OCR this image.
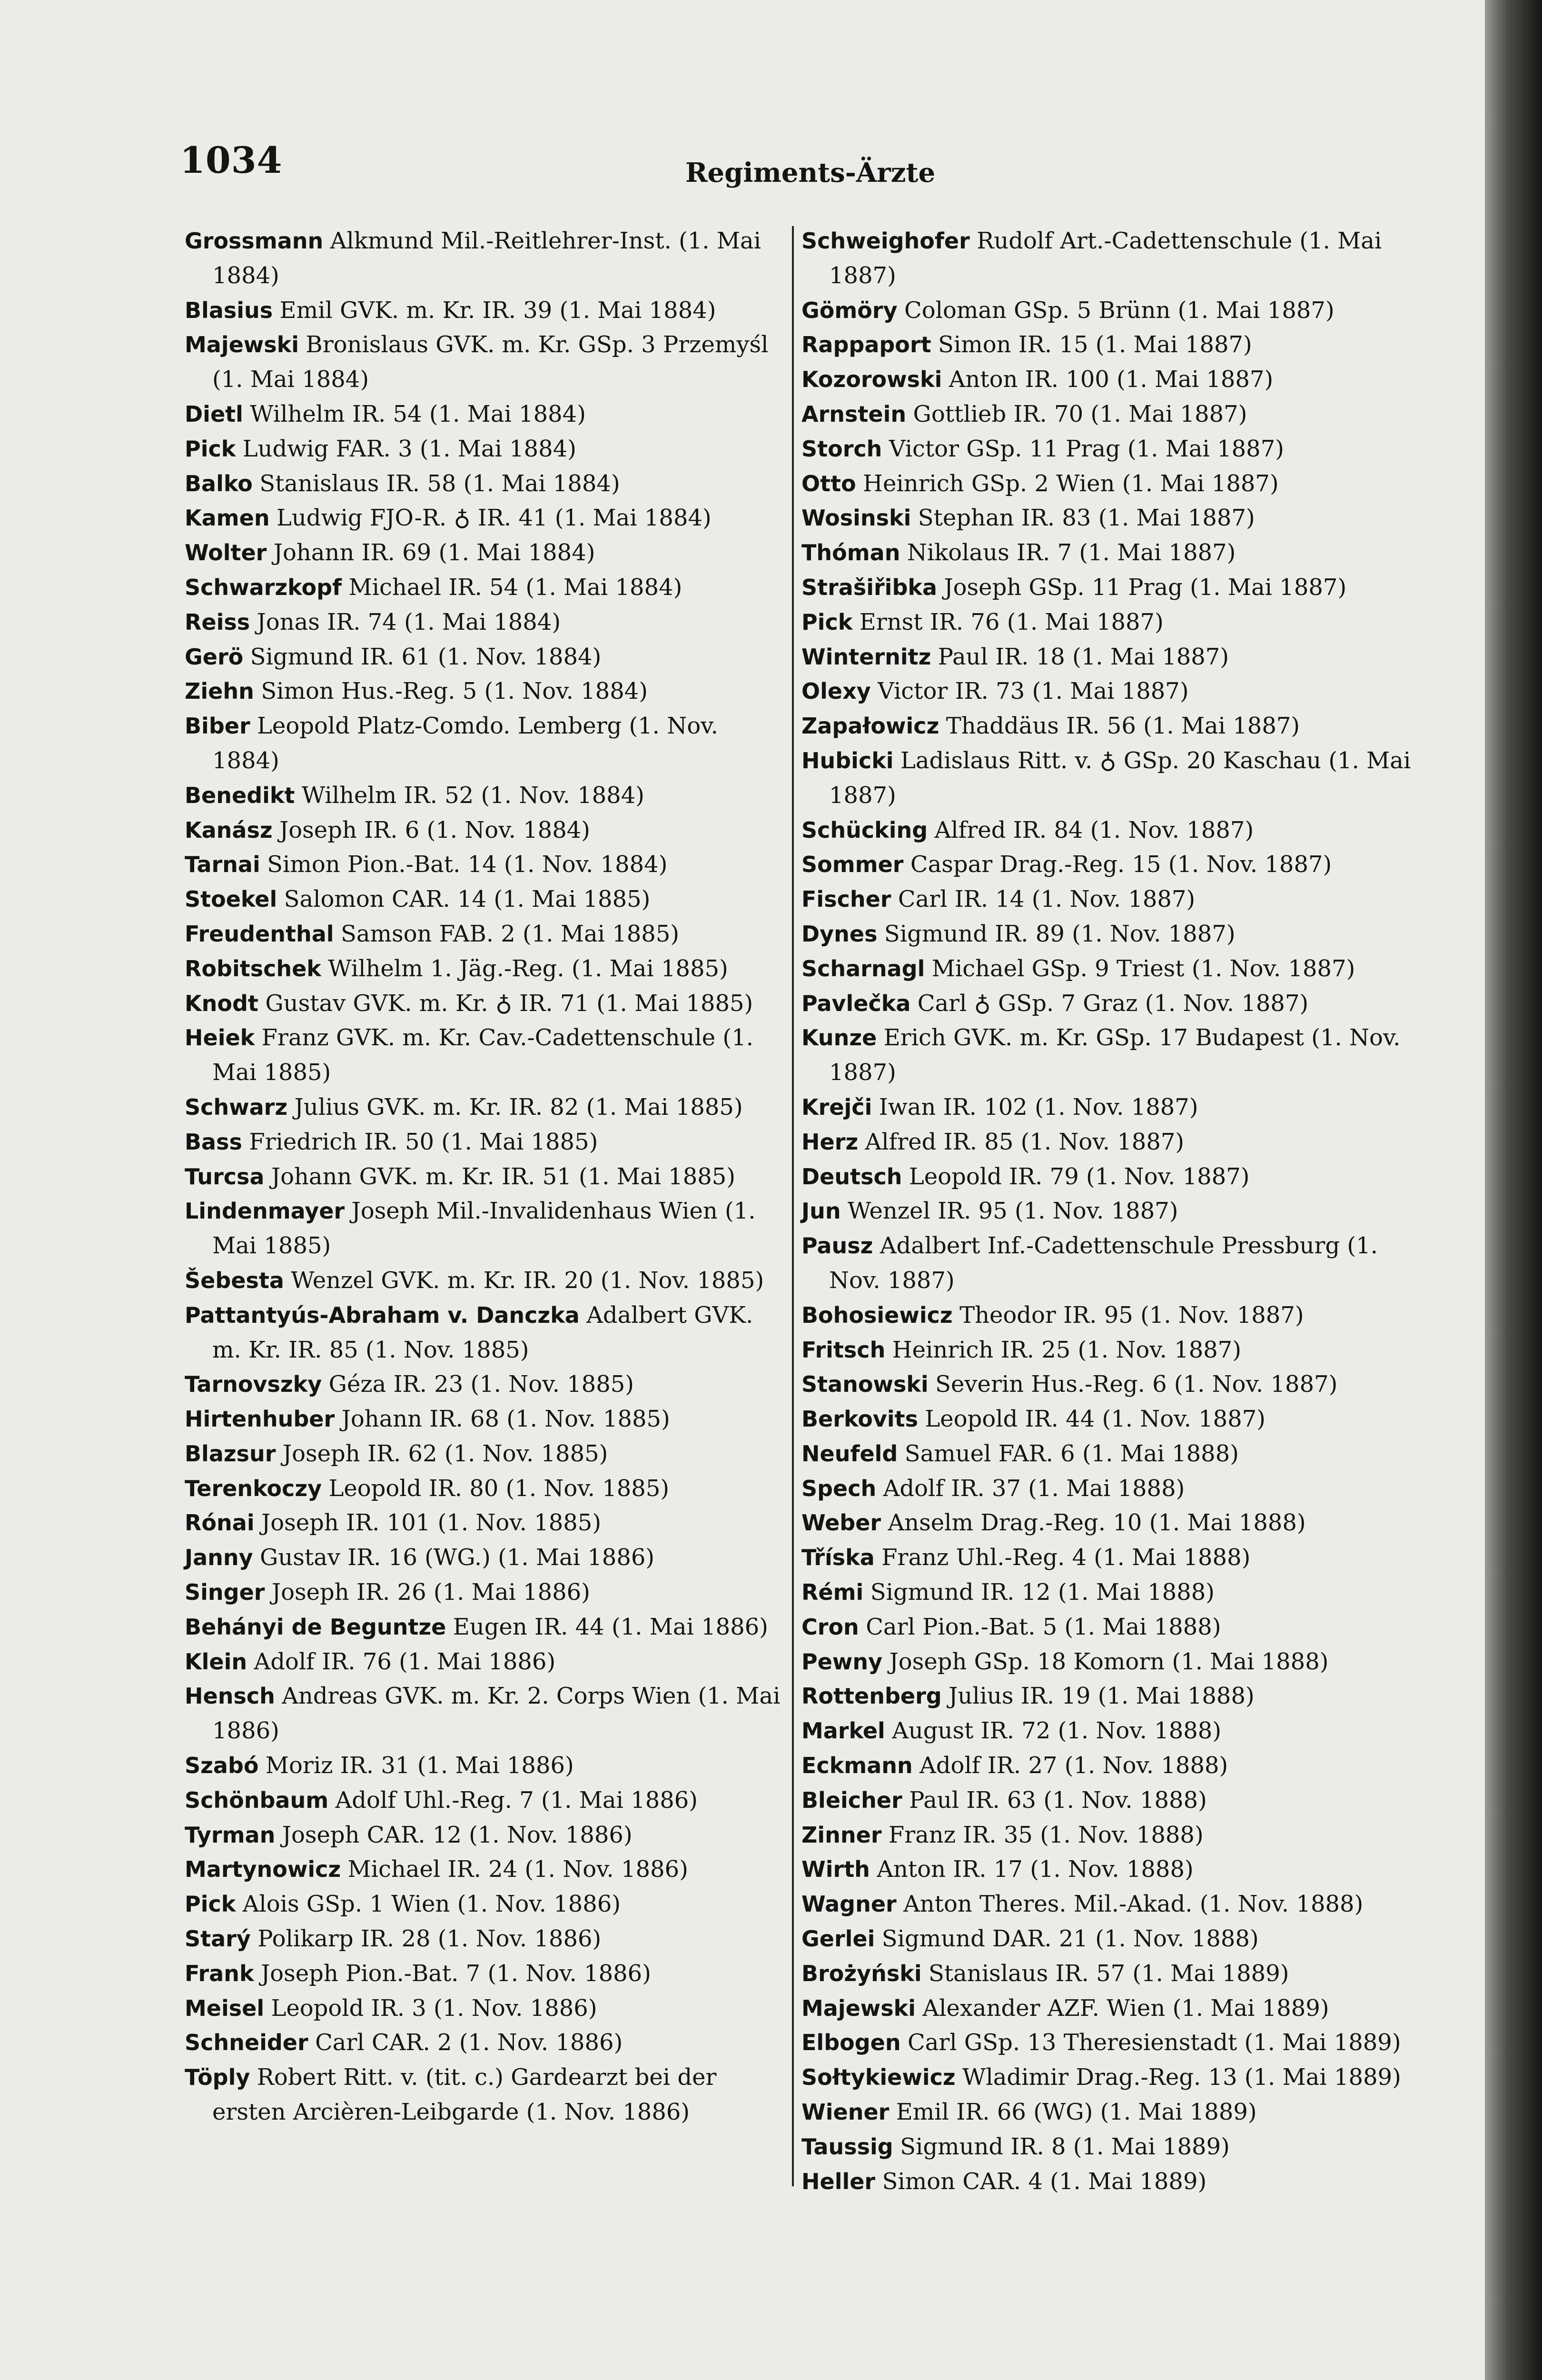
1034	Regiments-Ärzte

Grossmann Alkmund Mil.-Reitlehrer-Inst. (1. Mai 1884)

Blasius Emil GVK. m. Kr. IR. 39 (1. Mai 1884)

Majewski Bronislaus GVK. m. Kr. GSp. 3 Przemyśl (1. Mai 1884)

Dietl Wilhelm IR. 54 (1. Mai 1884)

Pick Ludwig FAR. 3 (1. Mai 1884)

Balko Stanislaus IR. 58 (1. Mai 1884)

Kamen Ludwig FJO-R. ♁ IR. 41 (1. Mai 1884)

Wolter Johann IR. 69 (1. Mai 1884)

Schwarzkopf Michael IR. 54 (1. Mai 1884)

Reiss Jonas IR. 74 (1. Mai 1884)

Gerö Sigmund IR. 61 (1. Nov. 1884)

Ziehn Simon Hus.-Reg. 5 (1. Nov. 1884)

Biber Leopold Platz-Comdo. Lemberg (1. Nov. 1884)

Benedikt Wilhelm IR. 52 (1. Nov. 1884)

Kanász Joseph IR. 6 (1. Nov. 1884)

Tarnai Simon Pion.-Bat. 14 (1. Nov. 1884)

Stoekel Salomon CAR. 14 (1. Mai 1885)

Freudenthal Samson FAB. 2 (1. Mai 1885)

Robitschek Wilhelm 1. Jäg.-Reg. (1. Mai 1885)

Knodt Gustav GVK. m. Kr. ♁ IR. 71 (1. Mai 1885)

Heiek Franz GVK. m. Kr. Cav.-Cadettenschule (1. Mai 1885)

Schwarz Julius GVK. m. Kr. IR. 82 (1. Mai 1885)

Bass Friedrich IR. 50 (1. Mai 1885)

Turcsa Johann GVK. m. Kr. IR. 51 (1. Mai 1885)

Lindenmayer Joseph Mil.-Invalidenhaus Wien (1. Mai 1885)

Šebesta Wenzel GVK. m. Kr. IR. 20 (1. Nov. 1885)

Pattantyús-Abraham v. Danczka Adalbert GVK. m. Kr. IR. 85 (1. Nov. 1885)

Tarnovszky Géza IR. 23 (1. Nov. 1885)

Hirtenhuber Johann IR. 68 (1. Nov. 1885)

Blazsur Joseph IR. 62 (1. Nov. 1885)

Terenkoczy Leopold IR. 80 (1. Nov. 1885)

Rónai Joseph IR. 101 (1. Nov. 1885)

Janny Gustav IR. 16 (WG.) (1. Mai 1886)

Singer Joseph IR. 26 (1. Mai 1886)

Behányi de Beguntze Eugen IR. 44 (1. Mai 1886)

Klein Adolf IR. 76 (1. Mai 1886)

Hensch Andreas GVK. m. Kr. 2. Corps Wien (1. Mai 1886)

Szabó Moriz IR. 31 (1. Mai 1886)

Schönbaum Adolf Uhl.-Reg. 7 (1. Mai 1886)

Tyrman Joseph CAR. 12 (1. Nov. 1886)

Martynowicz Michael IR. 24 (1. Nov. 1886)

Pick Alois GSp. 1 Wien (1. Nov. 1886)

Starý Polikarp IR. 28 (1. Nov. 1886)

Frank Joseph Pion.-Bat. 7 (1. Nov. 1886)

Meisel Leopold IR. 3 (1. Nov. 1886)

Schneider Carl CAR. 2 (1. Nov. 1886)

Töply Robert Ritt. v. (tit. c.) Gardearzt bei der ersten Arcièren-Leibgarde (1. Nov. 1886)

Schweighofer Rudolf Art.-Cadettenschule (1. Mai 1887)

Gömöry Coloman GSp. 5 Brünn (1. Mai 1887)

Rappaport Simon IR. 15 (1. Mai 1887)

Kozorowski Anton IR. 100 (1. Mai 1887)

Arnstein Gottlieb IR. 70 (1. Mai 1887)

Storch Victor GSp. 11 Prag (1. Mai 1887)

Otto Heinrich GSp. 2 Wien (1. Mai 1887)

Wosinski Stephan IR. 83 (1. Mai 1887)

Thóman Nikolaus IR. 7 (1. Mai 1887)

Strašiřibka Joseph GSp. 11 Prag (1. Mai 1887)

Pick Ernst IR. 76 (1. Mai 1887)

Winternitz Paul IR. 18 (1. Mai 1887)

Olexy Victor IR. 73 (1. Mai 1887)

Zapałowicz Thaddäus IR. 56 (1. Mai 1887)

Hubicki Ladislaus Ritt. v. ♁ GSp. 20 Kaschau (1. Mai 1887)

Schücking Alfred IR. 84 (1. Nov. 1887)

Sommer Caspar Drag.-Reg. 15 (1. Nov. 1887)

Fischer Carl IR. 14 (1. Nov. 1887)

Dynes Sigmund IR. 89 (1. Nov. 1887)

Scharnagl Michael GSp. 9 Triest (1. Nov. 1887)

Pavlečka Carl ♁ GSp. 7 Graz (1. Nov. 1887)

Kunze Erich GVK. m. Kr. GSp. 17 Budapest (1. Nov. 1887)

Krejči Iwan IR. 102 (1. Nov. 1887)

Herz Alfred IR. 85 (1. Nov. 1887)

Deutsch Leopold IR. 79 (1. Nov. 1887)

Jun Wenzel IR. 95 (1. Nov. 1887)

Pausz Adalbert Inf.-Cadettenschule Pressburg (1. Nov. 1887)

Bohosiewicz Theodor IR. 95 (1. Nov. 1887)

Fritsch Heinrich IR. 25 (1. Nov. 1887)

Stanowski Severin Hus.-Reg. 6 (1. Nov. 1887)

Berkovits Leopold IR. 44 (1. Nov. 1887)

Neufeld Samuel FAR. 6 (1. Mai 1888)

Spech Adolf IR. 37 (1. Mai 1888)

Weber Anselm Drag.-Reg. 10 (1. Mai 1888)

Tříska Franz Uhl.-Reg. 4 (1. Mai 1888)

Rémi Sigmund IR. 12 (1. Mai 1888)

Cron Carl Pion.-Bat. 5 (1. Mai 1888)

Pewny Joseph GSp. 18 Komorn (1. Mai 1888)

Rottenberg Julius IR. 19 (1. Mai 1888)

Markel August IR. 72 (1. Nov. 1888)

Eckmann Adolf IR. 27 (1. Nov. 1888)

Bleicher Paul IR. 63 (1. Nov. 1888)

Zinner Franz IR. 35 (1. Nov. 1888)

Wirth Anton IR. 17 (1. Nov. 1888)

Wagner Anton Theres. Mil.-Akad. (1. Nov. 1888)

Gerlei Sigmund DAR. 21 (1. Nov. 1888)

Brożyński Stanislaus IR. 57 (1. Mai 1889)

Majewski Alexander AZF. Wien (1. Mai 1889)

Elbogen Carl GSp. 13 Theresienstadt (1. Mai 1889)

Sołtykiewicz Wladimir Drag.-Reg. 13 (1. Mai 1889)

Wiener Emil IR. 66 (WG) (1. Mai 1889)

Taussig Sigmund IR. 8 (1. Mai 1889)

Heller Simon CAR. 4 (1. Mai 1889)
